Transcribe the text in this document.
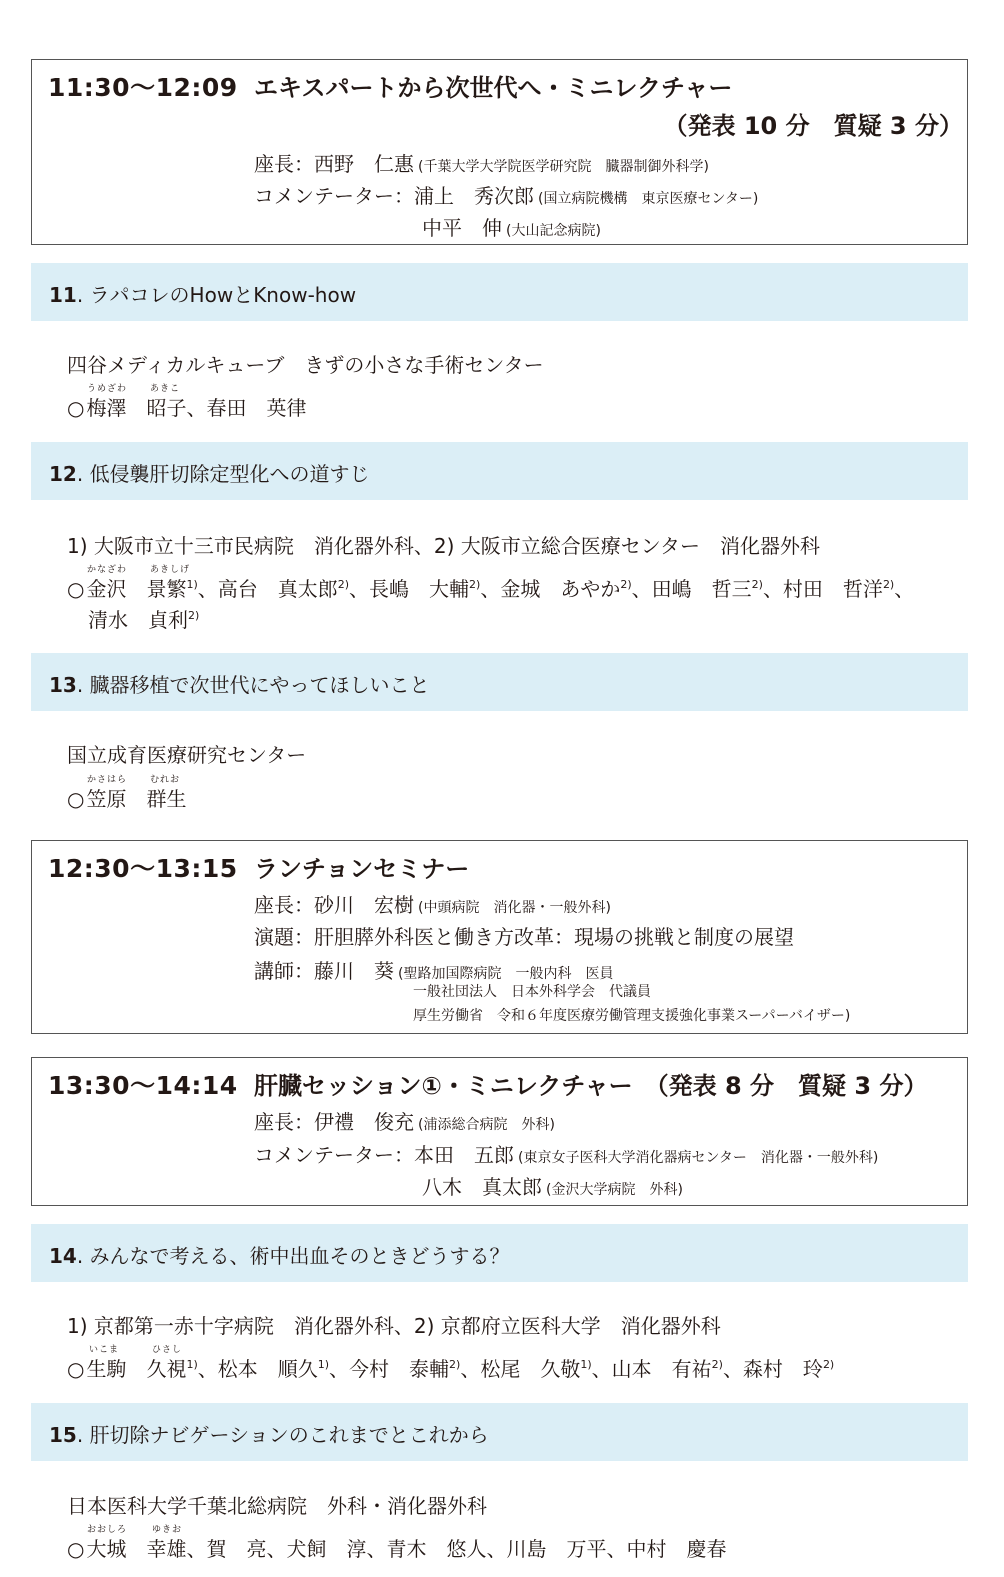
11:30〜12:09 エキスパートから次世代へ・ミニレクチャー
（発表 10 分　質疑 3 分）
座長：西野　仁惠 (千葉大学大学院医学研究院　臓器制御外科学)
コメンテーター：浦上　秀次郎 (国立病院機構　東京医療センター)
中平　伸 (大山記念病院)
11. ラパコレのHowとKnow-how
四谷メディカルキューブ　きずの小さな手術センター
うめざわ	あきこ
○ 梅澤　昭子、春田　英律
12. 低侵襲肝切除定型化への道すじ
1) 大阪市立十三市民病院　消化器外科、2) 大阪市立総合医療センター　消化器外科
かなざわ	あきしげ
○ 金沢　景繁$^{1)}$、高台　真太郎$^{2)}$、長嶋　大輔$^{2)}$、金城　あやか$^{2)}$、田嶋　哲三$^{2)}$、村田　哲洋$^{2)}$、
清水　貞利$^{2)}$
13. 臓器移植で次世代にやってほしいこと
国立成育医療研究センター
かさはら	むれお
○ 笠原　群生
12:30〜13:15 ランチョンセミナー
座長：砂川　宏樹 (中頭病院　消化器・一般外科)
演題：肝胆膵外科医と働き方改革：現場の挑戦と制度の展望
講師：藤川　葵 (聖路加国際病院　一般内科　医員
一般社団法人　日本外科学会　代議員
厚生労働省　令和６年度医療労働管理支援強化事業スーパーバイザー)
13:30〜14:14 肝臓セッション①・ミニレクチャー　（発表 8 分　質疑 3 分）
座長：伊禮　俊充 (浦添総合病院　外科)
コメンテーター：本田　五郎 (東京女子医科大学消化器病センター　消化器・一般外科)
八木　真太郎 (金沢大学病院　外科)
14. みんなで考える、術中出血そのときどうする？
1) 京都第一赤十字病院　消化器外科、2) 京都府立医科大学　消化器外科
いこま	ひさし
○ 生駒　久視$^{1)}$、松本　順久$^{1)}$、今村　泰輔$^{2)}$、松尾　久敬$^{1)}$、山本　有祐$^{2)}$、森村　玲$^{2)}$
15. 肝切除ナビゲーションのこれまでとこれから
日本医科大学千葉北総病院　外科・消化器外科
おおしろ	ゆきお
○ 大城　幸雄、賀　亮、犬飼　淳、青木　悠人、川島　万平、中村　慶春
